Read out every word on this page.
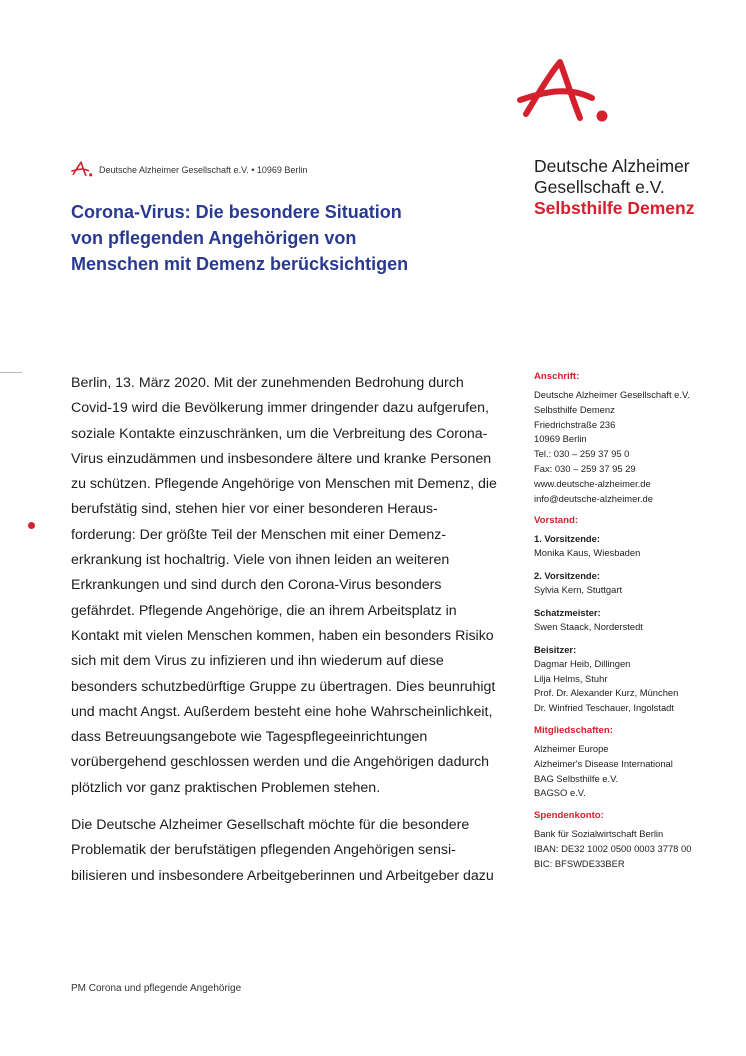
Deutsche Alzheimer
Gesellschaft e.V.
Selbsthilfe Demenz
Deutsche Alzheimer Gesellschaft e.V. • 10969 Berlin
Corona-Virus: Die besondere Situation
von pflegenden Angehörigen von
Menschen mit Demenz berücksichtigen
Berlin, 13. März 2020. Mit der zunehmenden Bedrohung durch
Covid-19 wird die Bevölkerung immer dringender dazu aufgerufen,
soziale Kontakte einzuschränken, um die Verbreitung des Corona-
Virus einzudämmen und insbesondere ältere und kranke Personen
zu schützen. Pflegende Angehörige von Menschen mit Demenz, die
berufstätig sind, stehen hier vor einer besonderen Heraus-
forderung: Der größte Teil der Menschen mit einer Demenz-
erkrankung ist hochaltrig. Viele von ihnen leiden an weiteren
Erkrankungen und sind durch den Corona-Virus besonders
gefährdet. Pflegende Angehörige, die an ihrem Arbeitsplatz in
Kontakt mit vielen Menschen kommen, haben ein besonders Risiko
sich mit dem Virus zu infizieren und ihn wiederum auf diese
besonders schutzbedürftige Gruppe zu übertragen. Dies beunruhigt
und macht Angst. Außerdem besteht eine hohe Wahrscheinlichkeit,
dass Betreuungsangebote wie Tagespflegeeinrichtungen
vorübergehend geschlossen werden und die Angehörigen dadurch
plötzlich vor ganz praktischen Problemen stehen.
Die Deutsche Alzheimer Gesellschaft möchte für die besondere
Problematik der berufstätigen pflegenden Angehörigen sensi-
bilisieren und insbesondere Arbeitgeberinnen und Arbeitgeber dazu
PM Corona und pflegende Angehörige
Anschrift:
Deutsche Alzheimer Gesellschaft e.V.
Selbsthilfe Demenz
Friedrichstraße 236
10969 Berlin
Tel.: 030 – 259 37 95 0
Fax: 030 – 259 37 95 29
www.deutsche-alzheimer.de
info@deutsche-alzheimer.de
Vorstand:
1. Vorsitzende:
Monika Kaus, Wiesbaden
2. Vorsitzende:
Sylvia Kern, Stuttgart
Schatzmeister:
Swen Staack, Norderstedt
Beisitzer:
Dagmar Heib, Dillingen
Lilja Helms, Stuhr
Prof. Dr. Alexander Kurz, München
Dr. Winfried Teschauer, Ingolstadt
Mitgliedschaften:
Alzheimer Europe
Alzheimer's Disease International
BAG Selbsthilfe e.V.
BAGSO e.V.
Spendenkonto:
Bank für Sozialwirtschaft Berlin
IBAN: DE32 1002 0500 0003 3778 00
BIC: BFSWDE33BER
